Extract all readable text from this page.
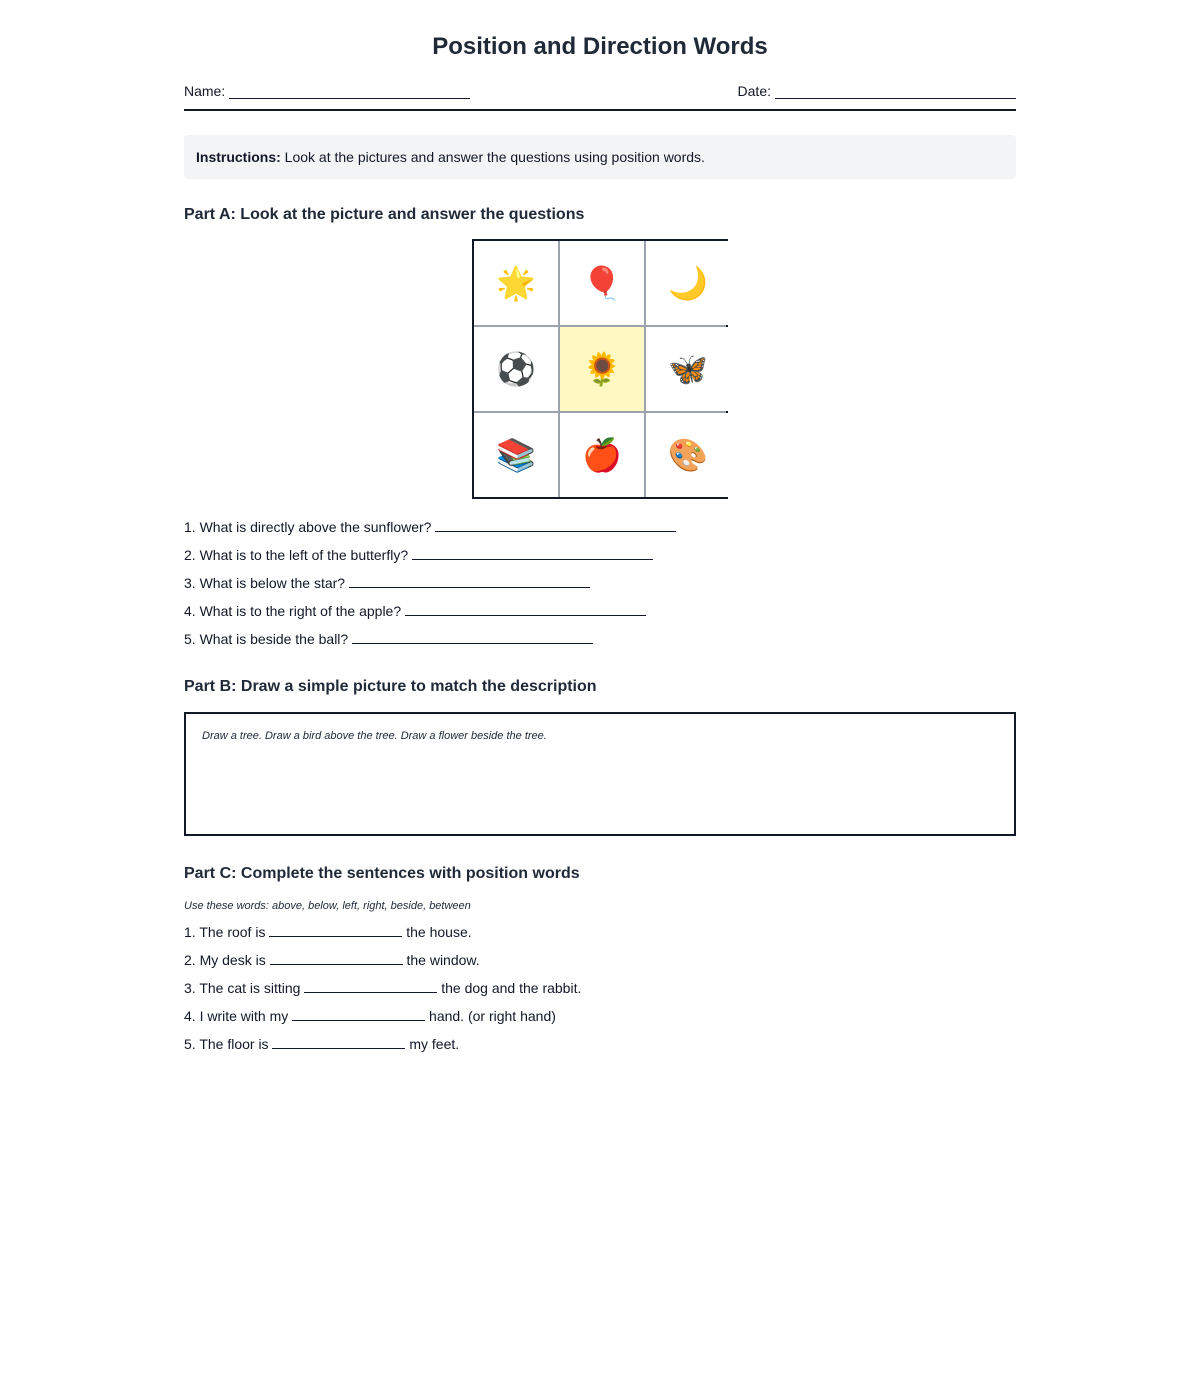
Position and Direction Words
Name:	Date:
Instructions: Look at the pictures and answer the questions using position words.
Part A: Look at the picture and answer the questions
🌟 🎈 🌙
⚽ 🌻 🦋
📚 🍎 🎨
1. What is directly above the sunflower?
2. What is to the left of the butterfly?
3. What is below the star?
4. What is to the right of the apple?
5. What is beside the ball?
Part B: Draw a simple picture to match the description
Draw a tree. Draw a bird above the tree. Draw a flower beside the tree.
Part C: Complete the sentences with position words
Use these words: above, below, left, right, beside, between
1. The roof is	the house.
2. My desk is	the window.
3. The cat is sitting	the dog and the rabbit.
4. I write with my	hand. (or right hand)
5. The floor is	my feet.
